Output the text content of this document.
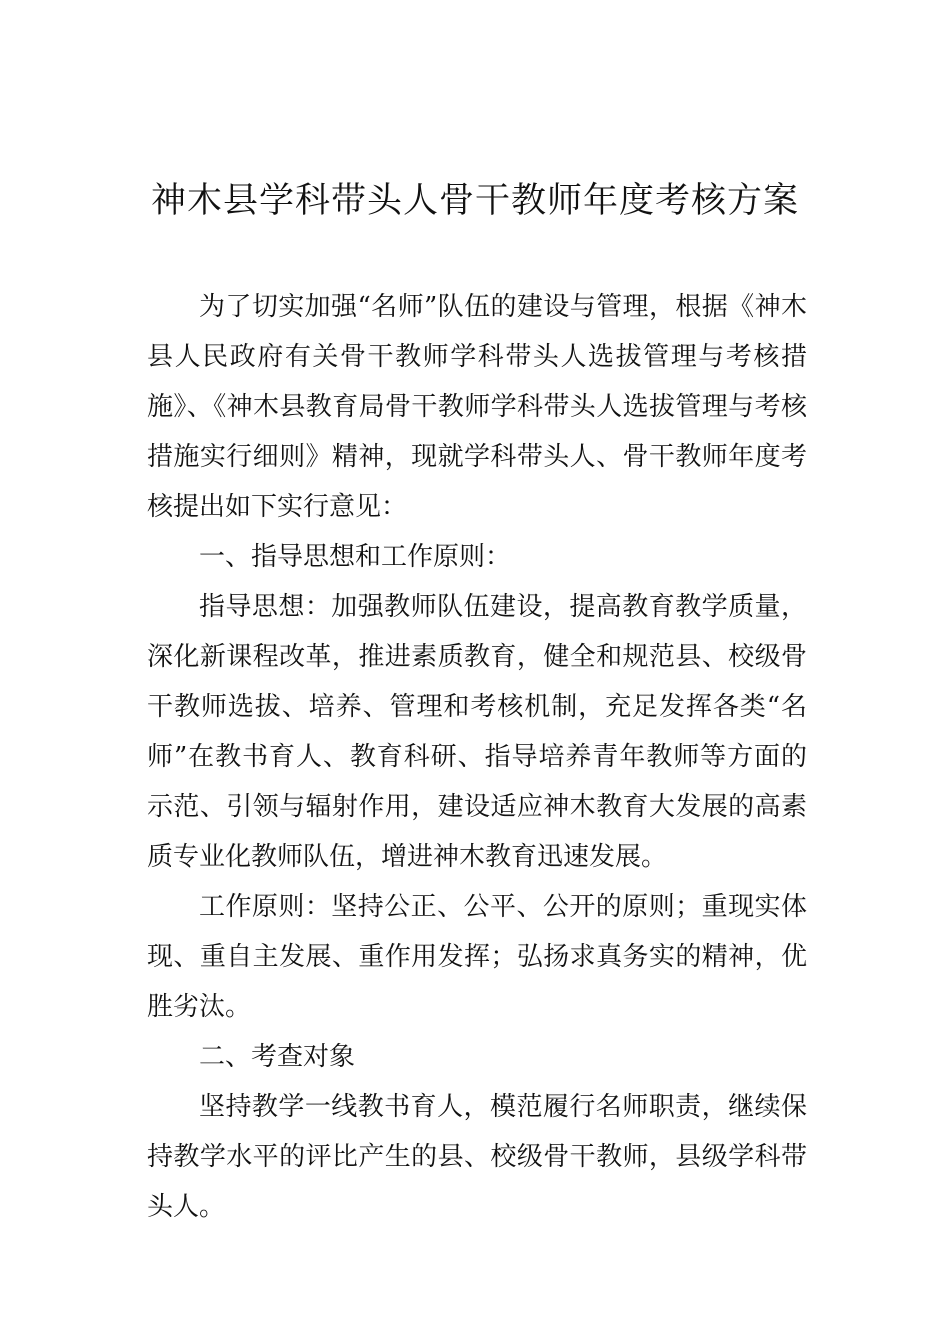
神木县学科带头人骨干教师年度考核方案

为了切实加强“名师”队伍的建设与管理，根据《神木县人民政府有关骨干教师学科带头人选拔管理与考核措施》、《神木县教育局骨干教师学科带头人选拔管理与考核措施实行细则》精神，现就学科带头人、骨干教师年度考核提出如下实行意见：

一、指导思想和工作原则：

指导思想：加强教师队伍建设，提高教育教学质量，深化新课程改革，推进素质教育，健全和规范县、校级骨干教师选拔、培养、管理和考核机制，充足发挥各类“名师”在教书育人、教育科研、指导培养青年教师等方面的示范、引领与辐射作用，建设适应神木教育大发展的高素质专业化教师队伍，增进神木教育迅速发展。

工作原则：坚持公正、公平、公开的原则；重现实体现、重自主发展、重作用发挥；弘扬求真务实的精神，优胜劣汰。

二、考查对象

坚持教学一线教书育人，模范履行名师职责，继续保持教学水平的评比产生的县、校级骨干教师，县级学科带头人。
